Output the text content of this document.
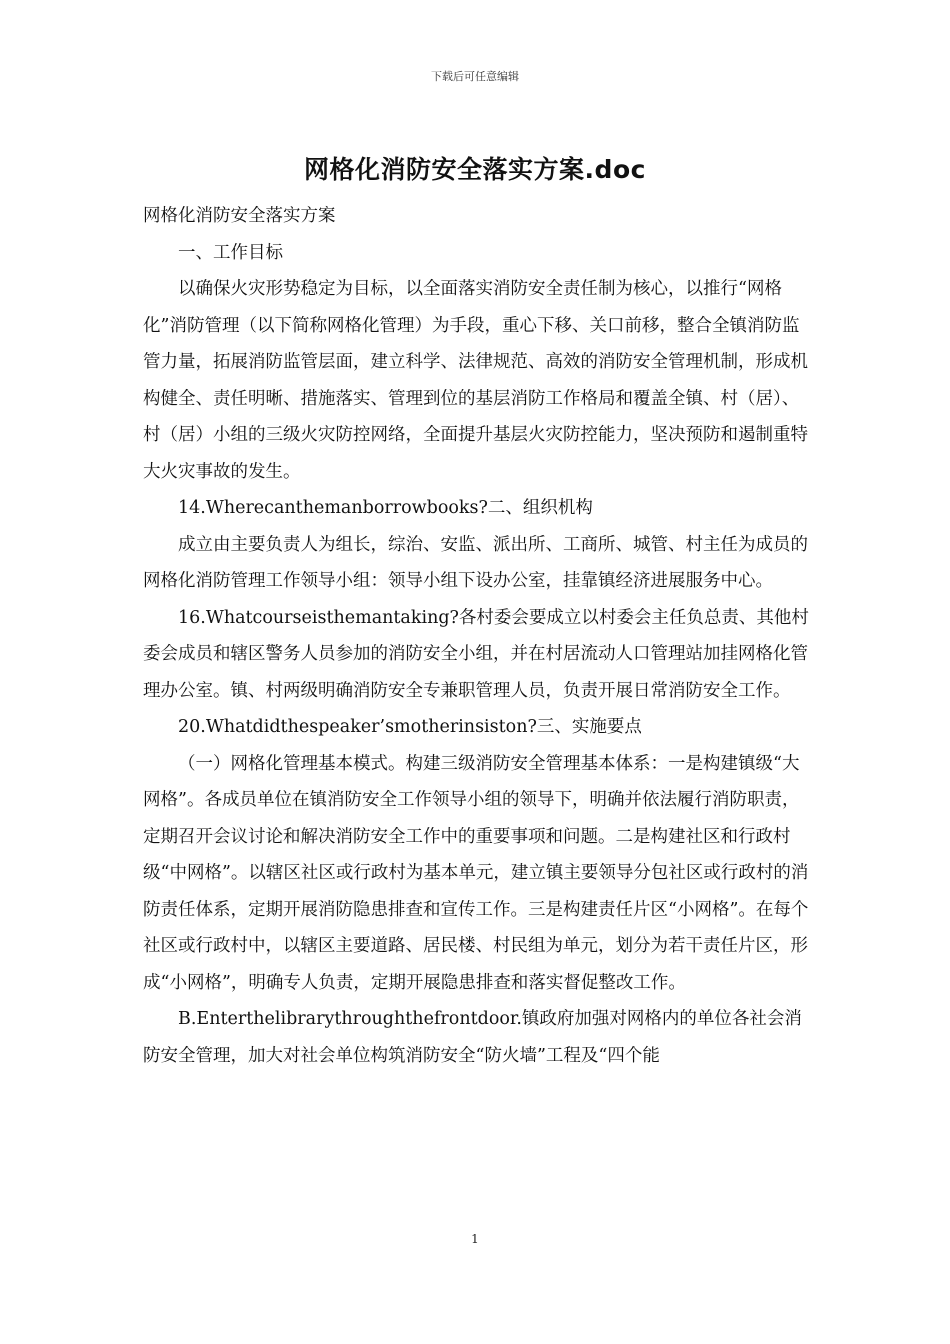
下载后可任意编辑
网格化消防安全落实方案.doc

网格化消防安全落实方案

一、工作目标

以确保火灾形势稳定为目标，以全面落实消防安全责任制为核心，以推行“网格化”消防管理（以下简称网格化管理）为手段，重心下移、关口前移，整合全镇消防监管力量，拓展消防监管层面，建立科学、法律规范、高效的消防安全管理机制，形成机构健全、责任明晰、措施落实、管理到位的基层消防工作格局和覆盖全镇、村（居）、村（居）小组的三级火灾防控网络，全面提升基层火灾防控能力，坚决预防和遏制重特大火灾事故的发生。

14.Wherecanthemanborrowbooks?二、组织机构

成立由主要负责人为组长，综治、安监、派出所、工商所、城管、村主任为成员的网格化消防管理工作领导小组：领导小组下设办公室，挂靠镇经济进展服务中心。

16.Whatcourseisthemantaking?各村委会要成立以村委会主任负总责、其他村委会成员和辖区警务人员参加的消防安全小组，并在村居流动人口管理站加挂网格化管理办公室。镇、村两级明确消防安全专兼职管理人员，负责开展日常消防安全工作。

20.Whatdidthespeaker’smotherinsiston?三、实施要点

（一）网格化管理基本模式。构建三级消防安全管理基本体系：一是构建镇级“大网格”。各成员单位在镇消防安全工作领导小组的领导下，明确并依法履行消防职责，定期召开会议讨论和解决消防安全工作中的重要事项和问题。二是构建社区和行政村级“中网格”。以辖区社区或行政村为基本单元，建立镇主要领导分包社区或行政村的消防责任体系，定期开展消防隐患排查和宣传工作。三是构建责任片区“小网格”。在每个社区或行政村中，以辖区主要道路、居民楼、村民组为单元，划分为若干责任片区，形成“小网格”，明确专人负责，定期开展隐患排查和落实督促整改工作。

B.Enterthelibrarythroughthefrontdoor.镇政府加强对网格内的单位各社会消防安全管理，加大对社会单位构筑消防安全“防火墙”工程及“四个能

1
